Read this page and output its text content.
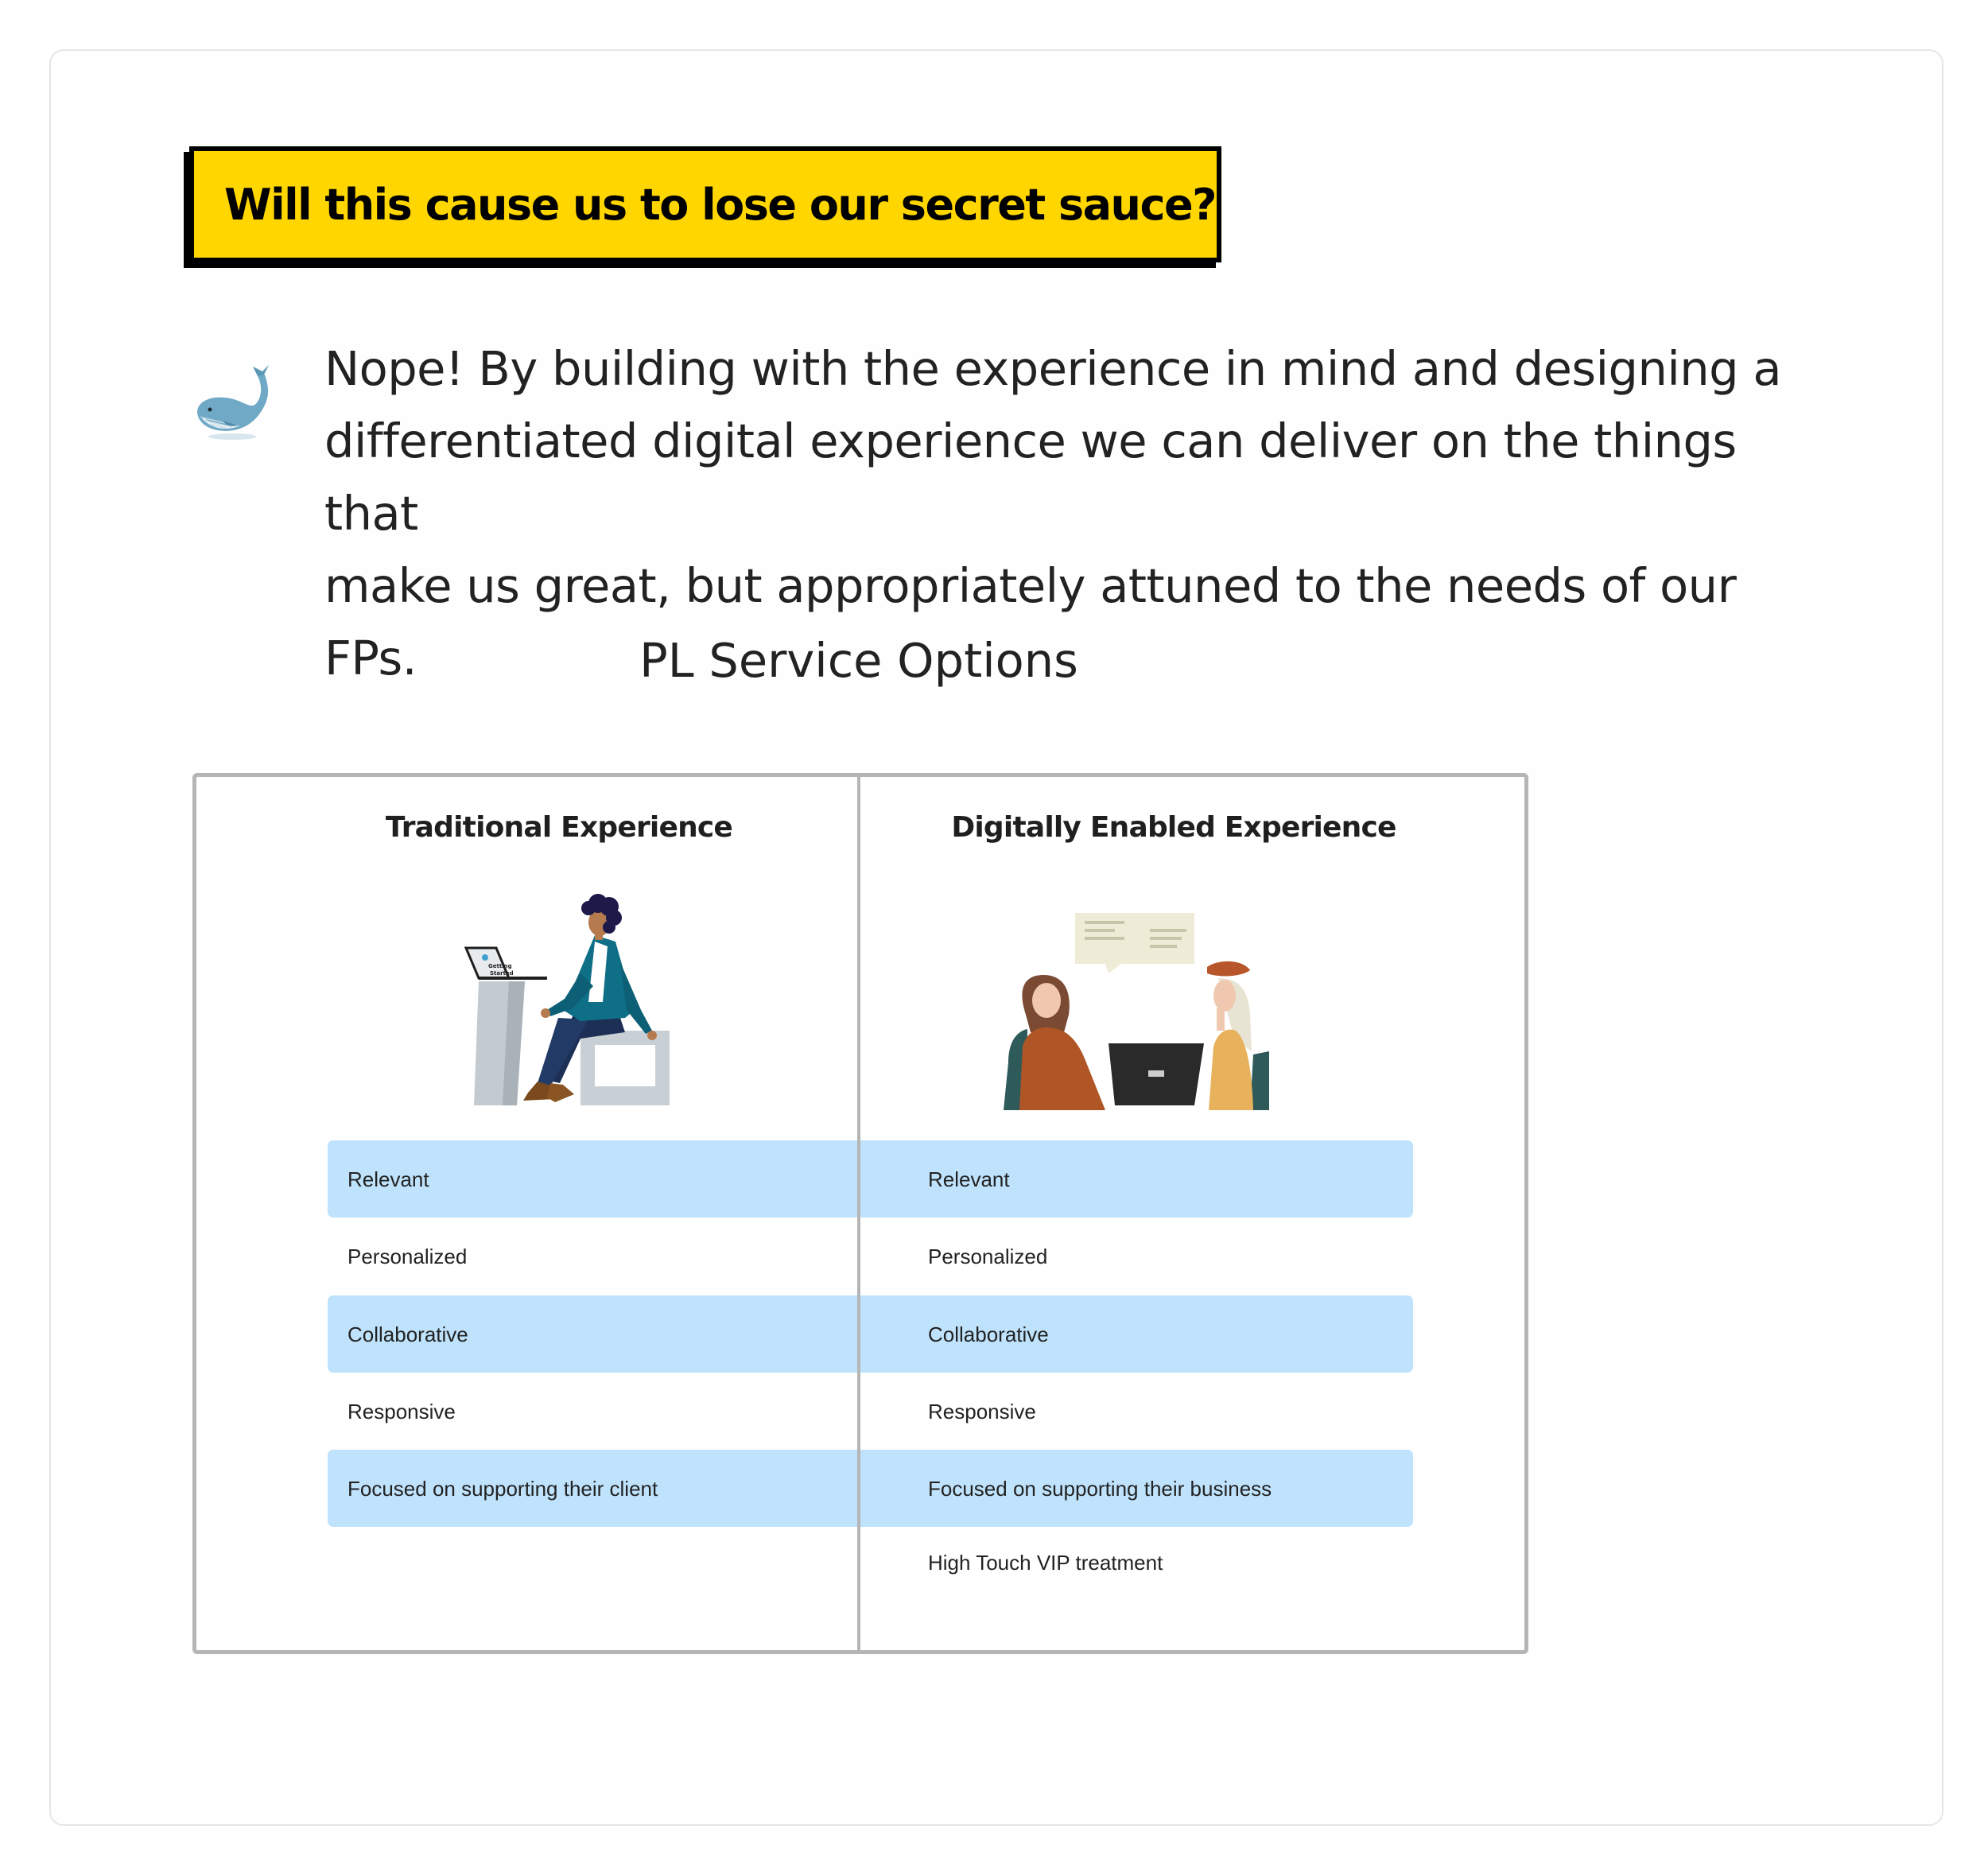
Will this cause us to lose our secret sauce?
Nope! By building with the experience in mind and designing a
differentiated digital experience we can deliver on the things that
make us great, but appropriately attuned to the needs of our FPs.	PL Service Options
Traditional Experience	Digitally Enabled Experience
Getting
Started
Relevant
Personalized
Collaborative
Responsive
Focused on supporting their client
Relevant
Personalized
Collaborative
Responsive
Focused on supporting their business
High Touch VIP treatment
